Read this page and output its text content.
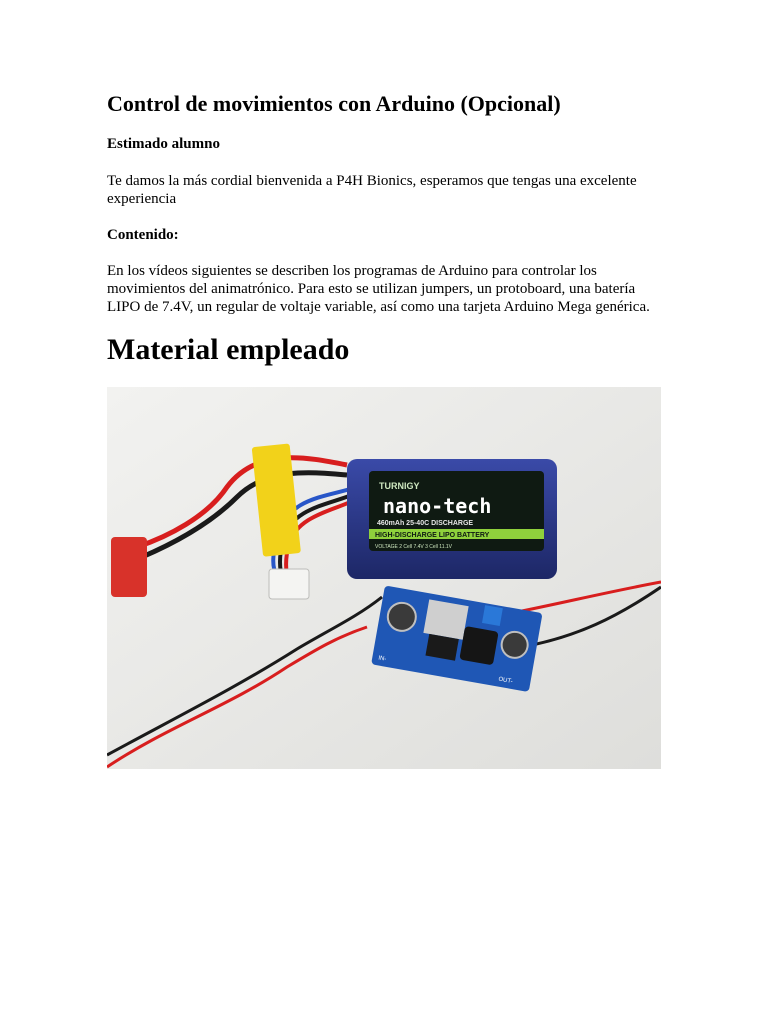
Control de movimientos con Arduino (Opcional)

Estimado alumno

Te damos la más cordial bienvenida a P4H Bionics, esperamos que tengas una excelente experiencia

Contenido:

En los vídeos siguientes se describen los programas de Arduino para controlar los movimientos del animatrónico. Para esto se utilizan jumpers, un protoboard, una batería LIPO de 7.4V, un regular de voltaje variable, así como una tarjeta Arduino Mega genérica.

Material empleado
TURNIGY
nano-tech
460mAh 25-40C DISCHARGE
HIGH-DISCHARGE LIPO BATTERY
VOLTAGE 2 Cell 7.4V 3 Cell 11.1V
IN-
OUT-
